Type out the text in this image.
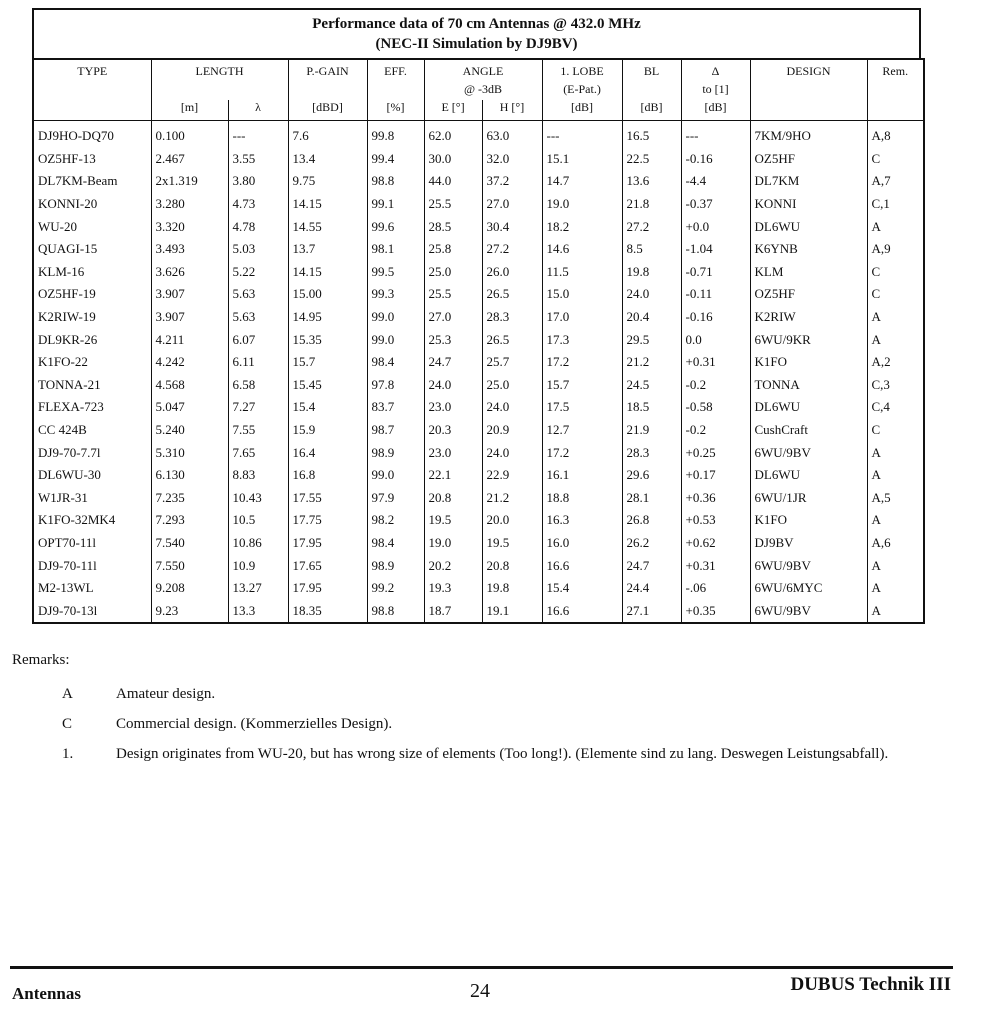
Performance data of 70 cm Antennas @ 432.0 MHz
(NEC-II Simulation by DJ9BV)
TYPE	LENGTH		P.-GAIN	EFF.	ANGLE		1. LOBE	BL	Δ	DESIGN	Rem.
					@ -3dB		(E-Pat.)		to [1]		
	[m]	λ	[dBD]	[%]	E [°]	H [°]	[dB]	[dB]	[dB]		
DJ9HO-DQ70	0.100	---	7.6	99.8	62.0	63.0	---	16.5	---	7KM/9HO	A,8
OZ5HF-13	2.467	3.55	13.4	99.4	30.0	32.0	15.1	22.5	-0.16	OZ5HF	C
DL7KM-Beam	2x1.319	3.80	9.75	98.8	44.0	37.2	14.7	13.6	-4.4	DL7KM	A,7
KONNI-20	3.280	4.73	14.15	99.1	25.5	27.0	19.0	21.8	-0.37	KONNI	C,1
WU-20	3.320	4.78	14.55	99.6	28.5	30.4	18.2	27.2	+0.0	DL6WU	A
QUAGI-15	3.493	5.03	13.7	98.1	25.8	27.2	14.6	8.5	-1.04	K6YNB	A,9
KLM-16	3.626	5.22	14.15	99.5	25.0	26.0	11.5	19.8	-0.71	KLM	C
OZ5HF-19	3.907	5.63	15.00	99.3	25.5	26.5	15.0	24.0	-0.11	OZ5HF	C
K2RIW-19	3.907	5.63	14.95	99.0	27.0	28.3	17.0	20.4	-0.16	K2RIW	A
DL9KR-26	4.211	6.07	15.35	99.0	25.3	26.5	17.3	29.5	0.0	6WU/9KR	A
K1FO-22	4.242	6.11	15.7	98.4	24.7	25.7	17.2	21.2	+0.31	K1FO	A,2
TONNA-21	4.568	6.58	15.45	97.8	24.0	25.0	15.7	24.5	-0.2	TONNA	C,3
FLEXA-723	5.047	7.27	15.4	83.7	23.0	24.0	17.5	18.5	-0.58	DL6WU	C,4
CC 424B	5.240	7.55	15.9	98.7	20.3	20.9	12.7	21.9	-0.2	CushCraft	C
DJ9-70-7.7l	5.310	7.65	16.4	98.9	23.0	24.0	17.2	28.3	+0.25	6WU/9BV	A
DL6WU-30	6.130	8.83	16.8	99.0	22.1	22.9	16.1	29.6	+0.17	DL6WU	A
W1JR-31	7.235	10.43	17.55	97.9	20.8	21.2	18.8	28.1	+0.36	6WU/1JR	A,5
K1FO-32MK4	7.293	10.5	17.75	98.2	19.5	20.0	16.3	26.8	+0.53	K1FO	A
OPT70-11l	7.540	10.86	17.95	98.4	19.0	19.5	16.0	26.2	+0.62	DJ9BV	A,6
DJ9-70-11l	7.550	10.9	17.65	98.9	20.2	20.8	16.6	24.7	+0.31	6WU/9BV	A
M2-13WL	9.208	13.27	17.95	99.2	19.3	19.8	15.4	24.4	-.06	6WU/6MYC	A
DJ9-70-13l	9.23	13.3	18.35	98.8	18.7	19.1	16.6	27.1	+0.35	6WU/9BV	A
Remarks:
A	Amateur design.
C	Commercial design. (Kommerzielles Design).
1.	Design originates from WU-20, but has wrong size of elements (Too long!). (Elemente sind zu lang. Deswegen Leistungsabfall).
Antennas	24	DUBUS Technik III
